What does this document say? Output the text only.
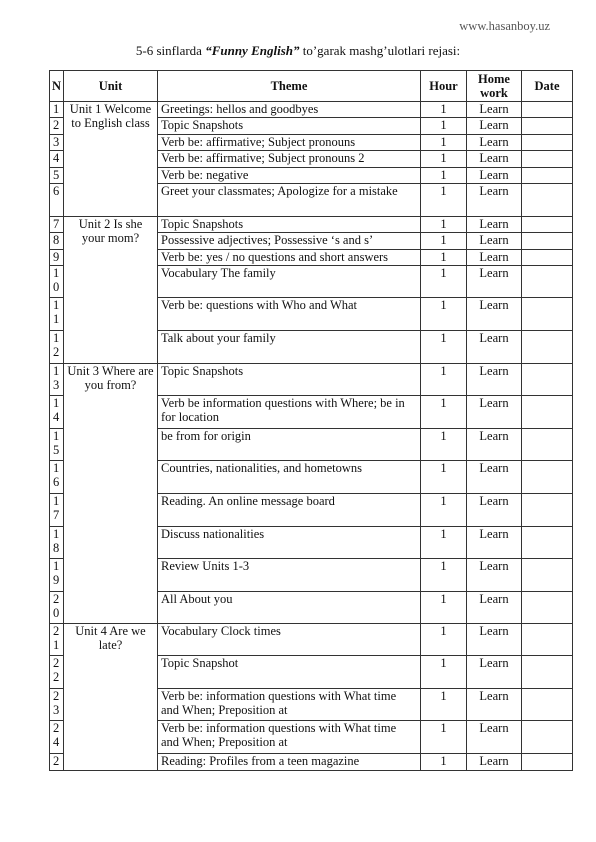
www.hasanboy.uz
5-6 sinflarda “Funny English” to’garak mashg’ulotlari rejasi:
N	Unit	Theme	Hour	Home work	Date
1	Unit 1 Welcome to English class	Greetings: hellos and goodbyes	1	Learn	
2		Topic Snapshots	1	Learn	
3		Verb be: affirmative; Subject pronouns	1	Learn	
4		Verb be: affirmative; Subject pronouns 2	1	Learn	
5		Verb be: negative	1	Learn	
6		Greet your classmates; Apologize for a mistake	1	Learn	
7	Unit 2 Is she your mom?	Topic Snapshots	1	Learn	
8		Possessive adjectives; Possessive ‘s and s’	1	Learn	
9		Verb be: yes / no questions and short answers	1	Learn	
10		Vocabulary The family	1	Learn	
11		Verb be: questions with Who and What	1	Learn	
12		Talk about your family	1	Learn	
13	Unit 3 Where are you from?	Topic Snapshots	1	Learn	
14		Verb be information questions with Where; be in for location	1	Learn	
15		be from for origin	1	Learn	
16		Countries, nationalities, and hometowns	1	Learn	
17		Reading. An online message board	1	Learn	
18		Discuss nationalities	1	Learn	
19		Review Units 1-3	1	Learn	
20		All About you	1	Learn	
21	Unit 4 Are we late?	Vocabulary Clock times	1	Learn	
22		Topic Snapshot	1	Learn	
23		Verb be: information questions with What time and When; Preposition at	1	Learn	
24		Verb be: information questions with What time and When; Preposition at	1	Learn	
2		Reading: Profiles from a teen magazine	1	Learn	
